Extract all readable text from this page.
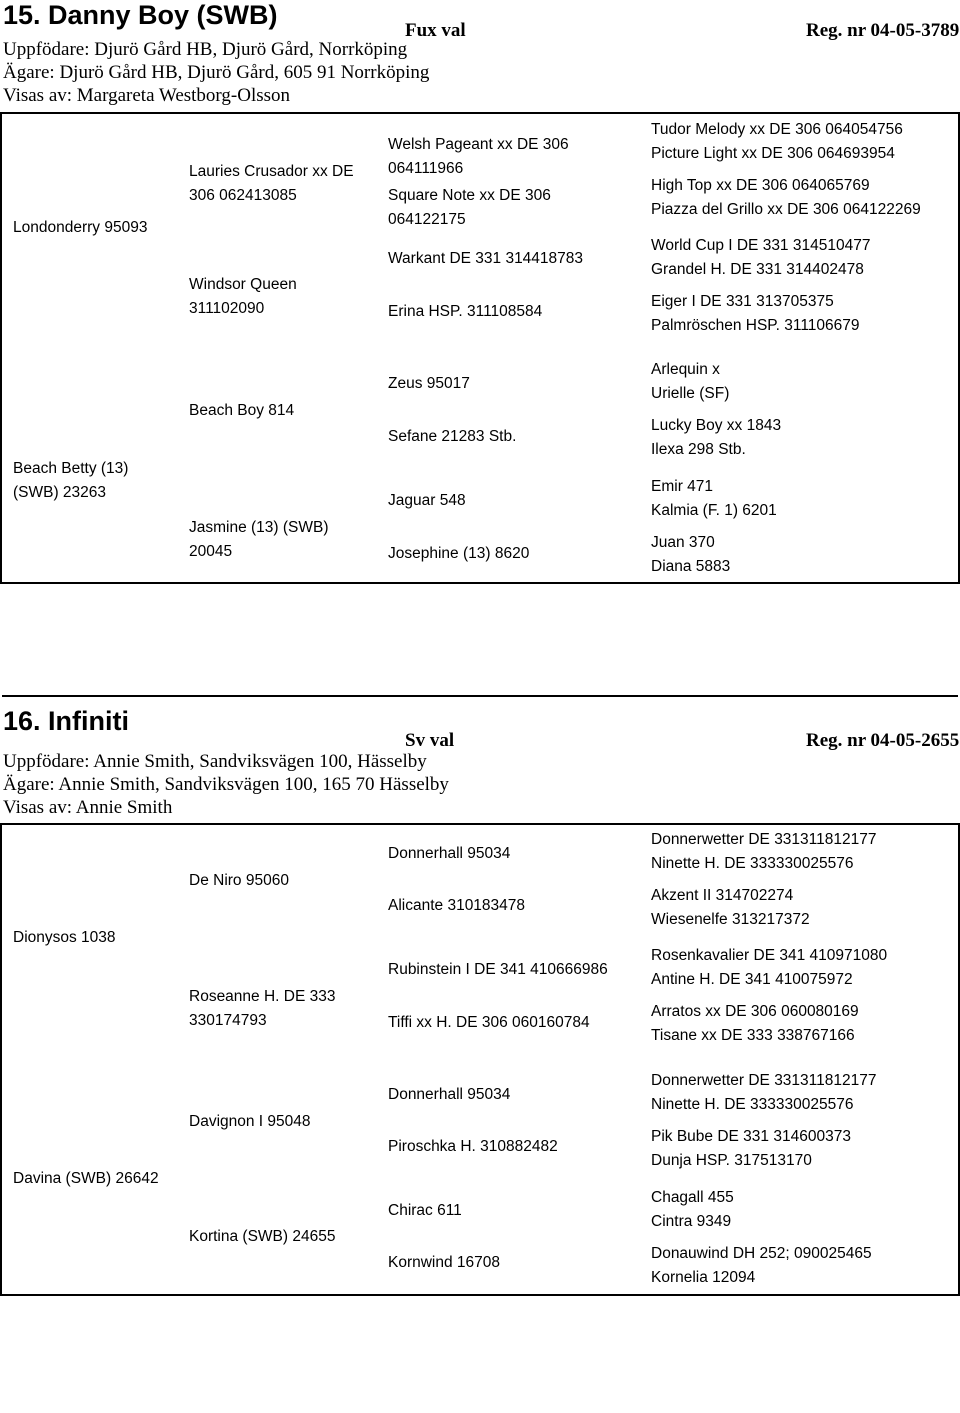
15. Danny Boy (SWB)
Fux val	Reg. nr 04-05-3789
Uppfödare: Djurö Gård HB, Djurö Gård, Norrköping
Ägare: Djurö Gård HB, Djurö Gård, 605 91 Norrköping
Visas av: Margareta Westborg-Olsson
Londonderry 95093
Lauries Crusador xx DE 306 062413085
Windsor Queen 311102090
Welsh Pageant xx DE 306 064111966
Square Note xx DE 306 064122175
Warkant DE 331 314418783
Erina HSP. 311108584
Tudor Melody xx DE 306 064054756
Picture Light xx DE 306 064693954
High Top xx DE 306 064065769
Piazza del Grillo xx DE 306 064122269
World Cup I DE 331 314510477
Grandel H. DE 331 314402478
Eiger I DE 331 313705375
Palmröschen HSP. 311106679
Beach Betty (13) (SWB) 23263
Beach Boy 814
Jasmine (13) (SWB) 20045
Zeus 95017
Sefane 21283 Stb.
Jaguar 548
Josephine (13) 8620
Arlequin x
Urielle (SF)
Lucky Boy xx 1843
Ilexa 298 Stb.
Emir 471
Kalmia (F. 1) 6201
Juan 370
Diana 5883
16. Infiniti
Sv val	Reg. nr 04-05-2655
Uppfödare: Annie Smith, Sandviksvägen 100, Hässelby
Ägare: Annie Smith, Sandviksvägen 100, 165 70 Hässelby
Visas av: Annie Smith
Dionysos 1038
De Niro 95060
Roseanne H. DE 333 330174793
Donnerhall 95034
Alicante 310183478
Rubinstein I DE 341 410666986
Tiffi xx H. DE 306 060160784
Donnerwetter DE 331311812177
Ninette H. DE 333330025576
Akzent II 314702274
Wiesenelfe 313217372
Rosenkavalier DE 341 410971080
Antine H. DE 341 410075972
Arratos xx DE 306 060080169
Tisane xx DE 333 338767166
Davina (SWB) 26642
Davignon I 95048
Kortina (SWB) 24655
Donnerhall 95034
Piroschka H. 310882482
Chirac 611
Kornwind 16708
Donnerwetter DE 331311812177
Ninette H. DE 333330025576
Pik Bube DE 331 314600373
Dunja HSP. 317513170
Chagall 455
Cintra 9349
Donauwind DH 252; 090025465
Kornelia 12094
